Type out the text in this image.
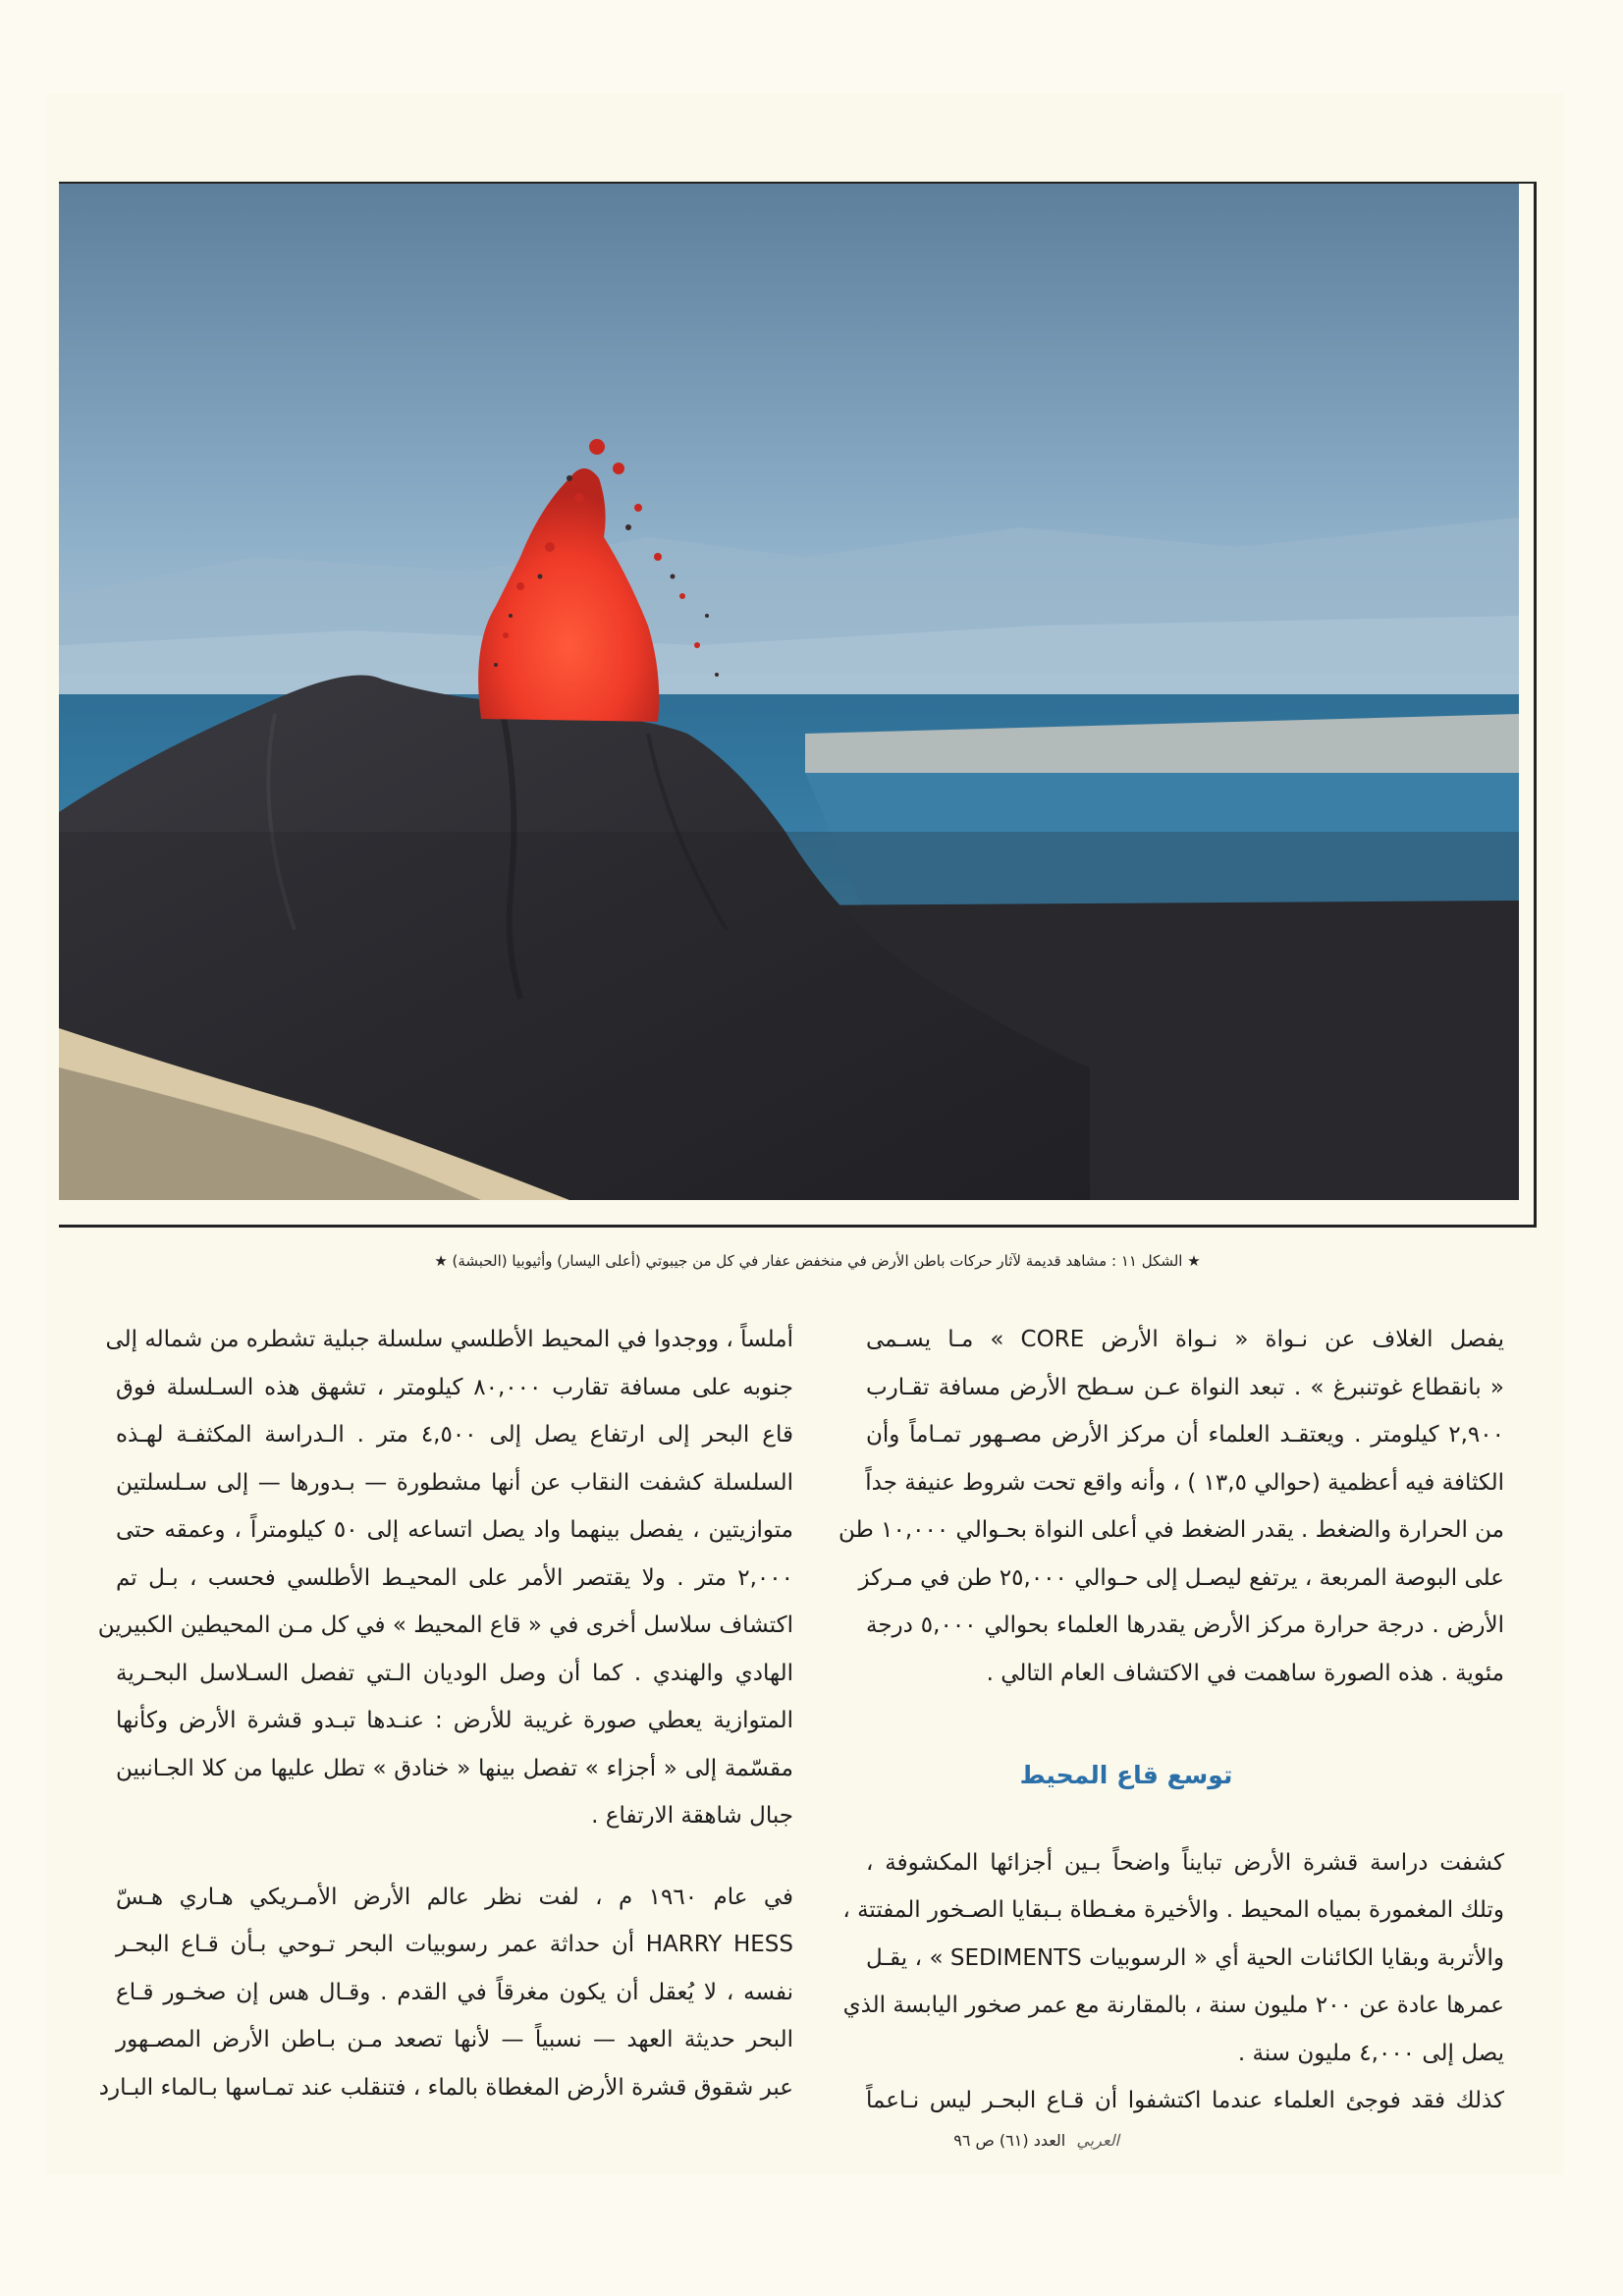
★ الشكل ١١ : مشاهد قديمة لآثار حركات باطن الأرض في منخفض عفار في كل من جيبوتي (أعلى اليسار) وأثيوبيا (الحبشة) ★
يفصل الغلاف عن نـواة « نـواة الأرض CORE » مـا يسـمى
« بانقطاع غوتنبرغ » . تبعد النواة عـن سـطح الأرض مسافة تقـارب
٢,٩٠٠ كيلومتر . ويعتقـد العلماء أن مركز الأرض مصـهور تمـاماً وأن
الكثافة فيه أعظمية (حوالي ١٣,٥ ) ، وأنه واقع تحت شروط عنيفة جداً
من الحرارة والضغط . يقدر الضغط في أعلى النواة بحـوالي ١٠,٠٠٠ طن
على البوصة المربعة ، يرتفع ليصـل إلى حـوالي ٢٥,٠٠٠ طن في مـركز
الأرض . درجة حرارة مركز الأرض يقدرها العلماء بحوالي ٥,٠٠٠ درجة
مئوية . هذه الصورة ساهمت في الاكتشاف العام التالي .
توسع قاع المحيط
كشفت دراسة قشرة الأرض تبايناً واضحاً بـين أجزائها المكشوفة ،
وتلك المغمورة بمياه المحيط . والأخيرة مغـطاة بـبقايا الصـخور المفتتة ،
والأتربة وبقايا الكائنات الحية أي « الرسوبيات SEDIMENTS » ، يقـل
عمرها عادة عن ٢٠٠ مليون سنة ، بالمقارنة مع عمر صخور اليابسة الذي
يصل إلى ٤,٠٠٠ مليون سنة .
كذلك فقد فوجئ العلماء عندما اكتشفوا أن قـاع البحـر ليس نـاعماً
أملساً ، ووجدوا في المحيط الأطلسي سلسلة جبلية تشطره من شماله إلى
جنوبه على مسافة تقارب ٨٠,٠٠٠ كيلومتر ، تشهق هذه السـلسلة فوق
قاع البحر إلى ارتفاع يصل إلى ٤,٥٠٠ متر . الـدراسة المكثفـة لهـذه
السلسلة كشفت النقاب عن أنها مشطورة — بـدورها — إلى سـلسلتين
متوازيتين ، يفصل بينهما واد يصل اتساعه إلى ٥٠ كيلومتراً ، وعمقه حتى
٢,٠٠٠ متر . ولا يقتصر الأمر على المحيـط الأطلسي فحسب ، بـل تم
اكتشاف سلاسل أخرى في « قاع المحيط » في كل مـن المحيطين الكبيرين
الهادي والهندي . كما أن وصل الوديان الـتي تفصل السـلاسل البحـرية
المتوازية يعطي صورة غريبة للأرض : عنـدها تبـدو قشرة الأرض وكأنها
مقسّمة إلى « أجزاء » تفصل بينها « خنادق » تطل عليها من كلا الجـانبين
جبال شاهقة الارتفاع .
في عام ١٩٦٠ م ، لفت نظر عالم الأرض الأمـريكي هـاري هـسّ
HARRY HESS أن حداثة عمر رسوبيات البحر تـوحي بـأن قـاع البحـر
نفسه ، لا يُعقل أن يكون مغرقاً في القدم . وقـال هس إن صخـور قـاع
البحر حديثة العهد — نسبياً — لأنها تصعد مـن بـاطن الأرض المصـهور
عبر شقوق قشرة الأرض المغطاة بالماء ، فتنقلب عند تمـاسها بـالماء البـارد
العربي العدد (٦١) ص ٩٦
